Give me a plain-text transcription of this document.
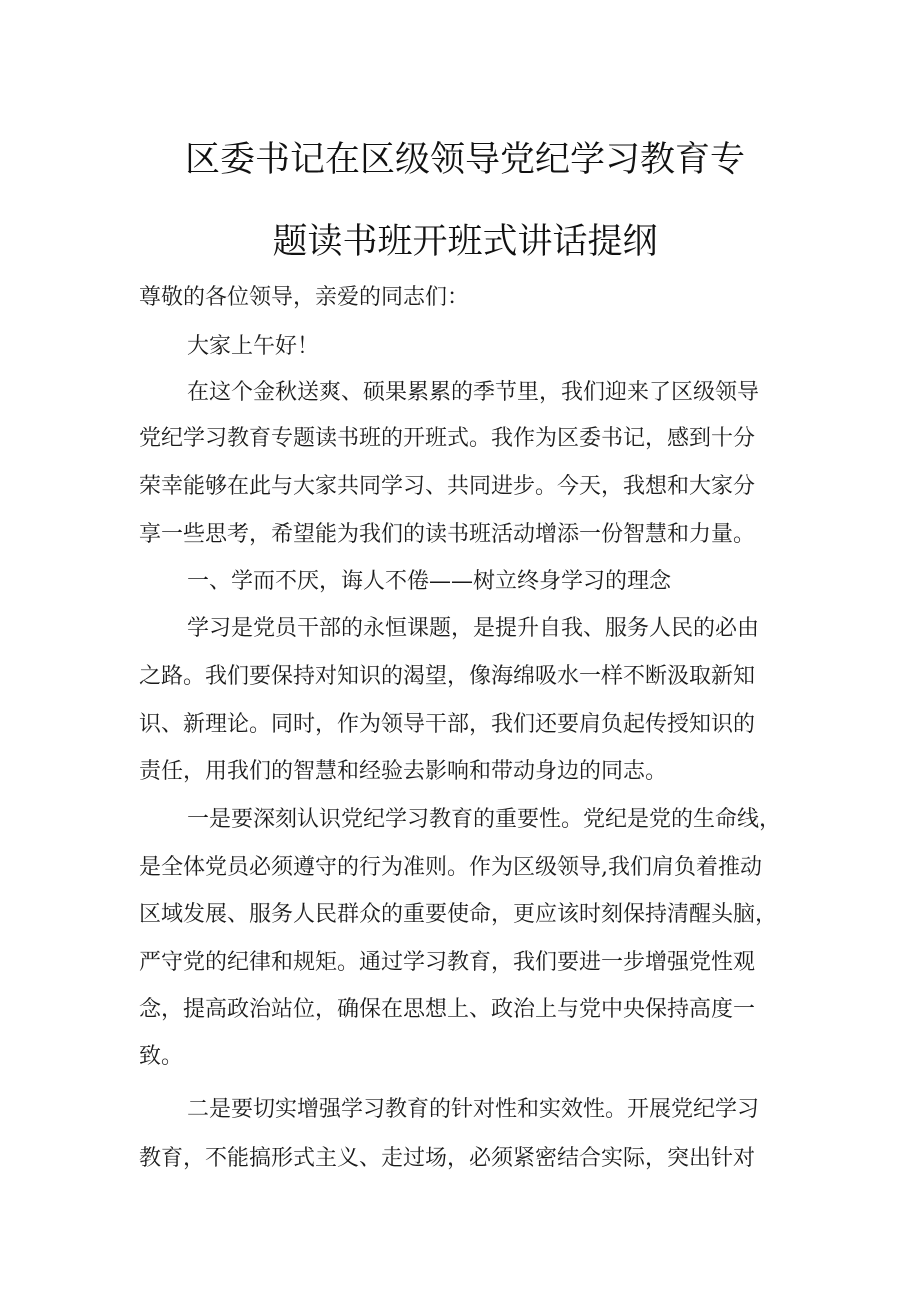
区委书记在区级领导党纪学习教育专
题读书班开班式讲话提纲
尊敬的各位领导，亲爱的同志们：
大家上午好！
在这个金秋送爽、硕果累累的季节里，我们迎来了区级领导
党纪学习教育专题读书班的开班式。我作为区委书记，感到十分
荣幸能够在此与大家共同学习、共同进步。今天，我想和大家分
享一些思考，希望能为我们的读书班活动增添一份智慧和力量。
一、学而不厌，诲人不倦——树立终身学习的理念
学习是党员干部的永恒课题，是提升自我、服务人民的必由
之路。我们要保持对知识的渴望，像海绵吸水一样不断汲取新知
识、新理论。同时，作为领导干部，我们还要肩负起传授知识的
责任，用我们的智慧和经验去影响和带动身边的同志。
一是要深刻认识党纪学习教育的重要性。党纪是党的生命线，
是全体党员必须遵守的行为准则。作为区级领导,我们肩负着推动
区域发展、服务人民群众的重要使命，更应该时刻保持清醒头脑，
严守党的纪律和规矩。通过学习教育，我们要进一步增强党性观
念，提高政治站位，确保在思想上、政治上与党中央保持高度一
致。
二是要切实增强学习教育的针对性和实效性。开展党纪学习
教育，不能搞形式主义、走过场，必须紧密结合实际，突出针对
